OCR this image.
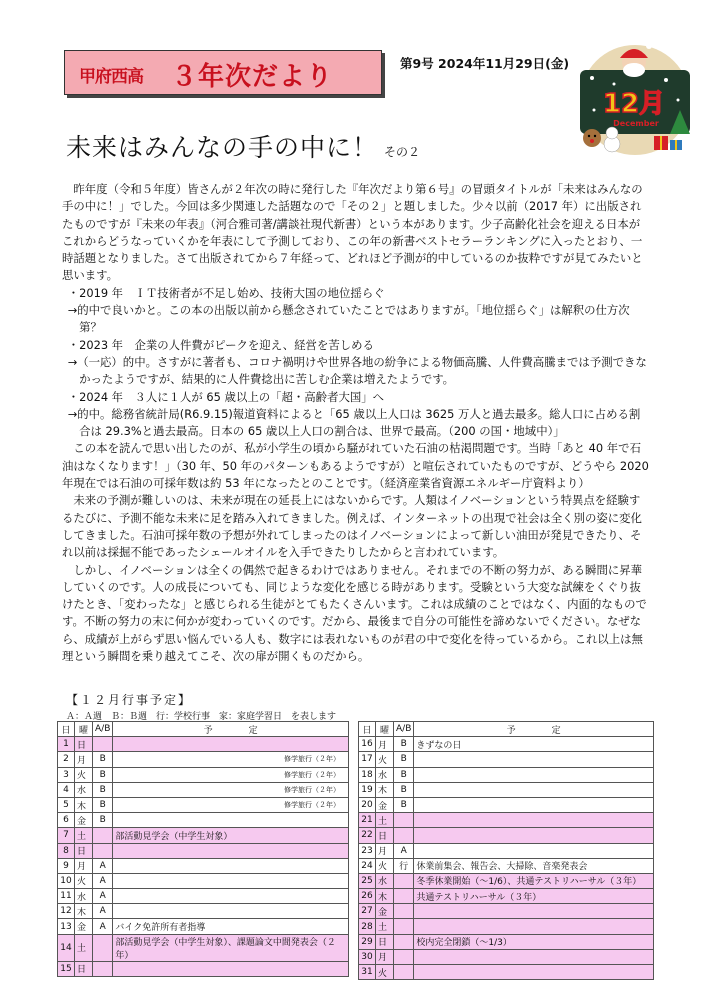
甲府西高 ３年次だより	第9号 2024年11月29日(金)
12月
December
未来はみんなの手の中に！ その２

昨年度（令和５年度）皆さんが２年次の時に発行した『年次だより第６号』の冒頭タイトルが「未来はみんなの手の中に！」でした。今回は多少関連した話題なので「その２」と題しました。少々以前（2017 年）に出版されたものですが『未来の年表』（河合雅司著/講談社現代新書）という本があります。少子高齢化社会を迎える日本がこれからどうなっていくかを年表にして予測しており、この年の新書ベストセラーランキングに入ったとおり、一時話題となりました。さて出版されてから７年経って、どれほど予測が的中しているのか抜粋ですが見てみたいと思います。

・2019 年　ＩＴ技術者が不足し始め、技術大国の地位揺らぐ

→的中で良いかと。この本の出版以前から懸念されていたことではありますが。「地位揺らぐ」は解釈の仕方次第？

・2023 年　企業の人件費がピークを迎え、経営を苦しめる

→（一応）的中。さすがに著者も、コロナ禍明けや世界各地の紛争による物価高騰、人件費高騰までは予測できなかったようですが、結果的に人件費捻出に苦しむ企業は増えたようです。

・2024 年　３人に１人が 65 歳以上の「超・高齢者大国」へ

→的中。総務省統計局(R6.9.15)報道資料によると「65 歳以上人口は 3625 万人と過去最多。総人口に占める割合は 29.3%と過去最高。日本の 65 歳以上人口の割合は、世界で最高。（200 の国・地域中）」

この本を読んで思い出したのが、私が小学生の頃から騒がれていた石油の枯渇問題です。当時「あと 40 年で石油はなくなります！」（30 年、50 年のパターンもあるようですが）と喧伝されていたものですが、どうやら 2020 年現在では石油の可採年数は約 53 年になったとのことです。（経済産業省資源エネルギー庁資料より）

未来の予測が難しいのは、未来が現在の延長上にはないからです。人類はイノベーションという特異点を経験するたびに、予測不能な未来に足を踏み入れてきました。例えば、インターネットの出現で社会は全く別の姿に変化してきました。石油可採年数の予想が外れてしまったのはイノベーションによって新しい油田が発見できたり、それ以前は採掘不能であったシェールオイルを入手できたりしたからと言われています。

しかし、イノベーションは全くの偶然で起きるわけではありません。それまでの不断の努力が、ある瞬間に昇華していくのです。人の成長についても、同じような変化を感じる時があります。受験という大変な試練をくぐり抜けたとき、「変わったな」と感じられる生徒がとてもたくさんいます。これは成績のことではなく、内面的なものです。不断の努力の末に何かが変わっていくのです。だから、最後まで自分の可能性を諦めないでください。なぜなら、成績が上がらず思い悩んでいる人も、数字には表れないものが君の中で変化を待っているから。これ以上は無理という瞬間を乗り越えてこそ、次の扉が開くものだから。

【１２月行事予定】
Ａ：Ａ週　Ｂ：Ｂ週　行：学校行事　家：家庭学習日　を表します
日	曜	A/B	予　　　　定
1	日		
2	月	B	修学旅行（２年）
3	火	B	修学旅行（２年）
4	水	B	修学旅行（２年）
5	木	B	修学旅行（２年）
6	金	B	
7	土		部活動見学会（中学生対象）
8	日		
9	月	A	
10	火	A	
11	水	A	
12	木	A	
13	金	A	バイク免許所有者指導
14	土		部活動見学会（中学生対象）、課題論文中間発表会（２年）
15	日		
日	曜	A/B	予　　　　定
16	月	B	きずなの日
17	火	B	
18	水	B	
19	木	B	
20	金	B	
21	土		
22	日		
23	月	A	
24	火	行	休業前集会、報告会、大掃除、音楽発表会
25	水		冬季休業開始（～1/6）、共通テストリハーサル（３年）
26	木		共通テストリハーサル（３年）
27	金		
28	土		
29	日		校内完全閉鎖（～1/3）
30	月		
31	火		
